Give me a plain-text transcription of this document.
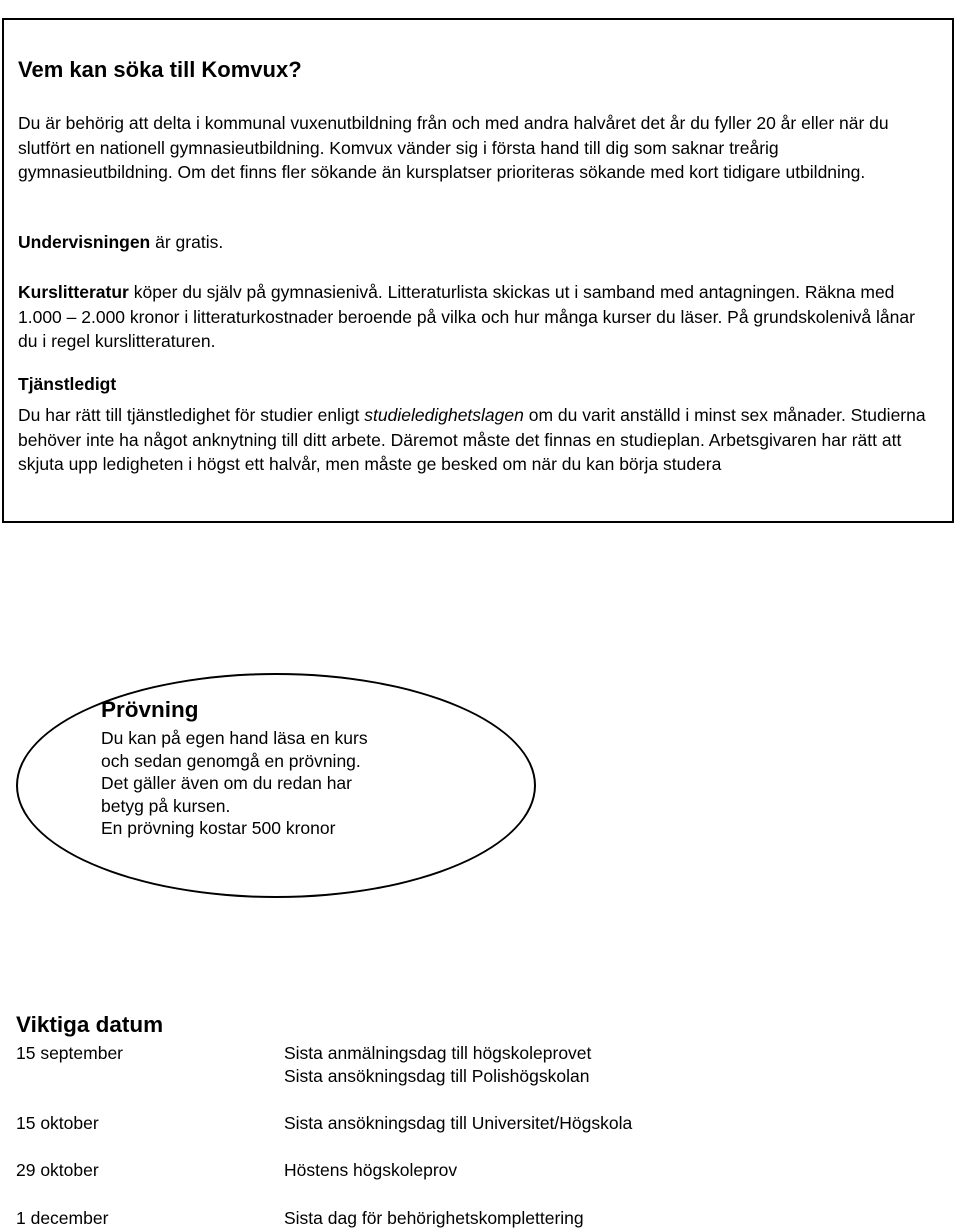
Vem kan söka till Komvux?

Du är behörig att delta i kommunal vuxenutbildning från och med andra halvåret det år du fyller 20 år eller när du slutfört en nationell gymnasieutbildning. Komvux vänder sig i första hand till dig som saknar treårig gymnasieutbildning. Om det finns fler sökande än kursplatser prioriteras sökande med kort tidigare utbildning.

Undervisningen är gratis.

Kurslitteratur köper du själv på gymnasienivå. Litteraturlista skickas ut i samband med antagningen. Räkna med 1.000 – 2.000 kronor i litteraturkostnader beroende på vilka och hur många kurser du läser. På grundskolenivå lånar du i regel kurslitteraturen.

Tjänstledigt

Du har rätt till tjänstledighet för studier enligt studieledighetslagen om du varit anställd i minst sex månader. Studierna behöver inte ha något anknytning till ditt arbete. Däremot måste det finnas en studieplan. Arbetsgivaren har rätt att skjuta upp ledigheten i högst ett halvår, men måste ge besked om när du kan börja studera

Prövning
Du kan på egen hand läsa en kurs
och sedan genomgå en prövning.
Det gäller även om du redan har
betyg på kursen.
En prövning kostar 500 kronor
Viktiga datum
15 september	Sista anmälningsdag till högskoleprovet
Sista ansökningsdag till Polishögskolan
15 oktober	Sista ansökningsdag till Universitet/Högskola
29 oktober	Höstens högskoleprov
1 december	Sista dag för behörighetskomplettering
